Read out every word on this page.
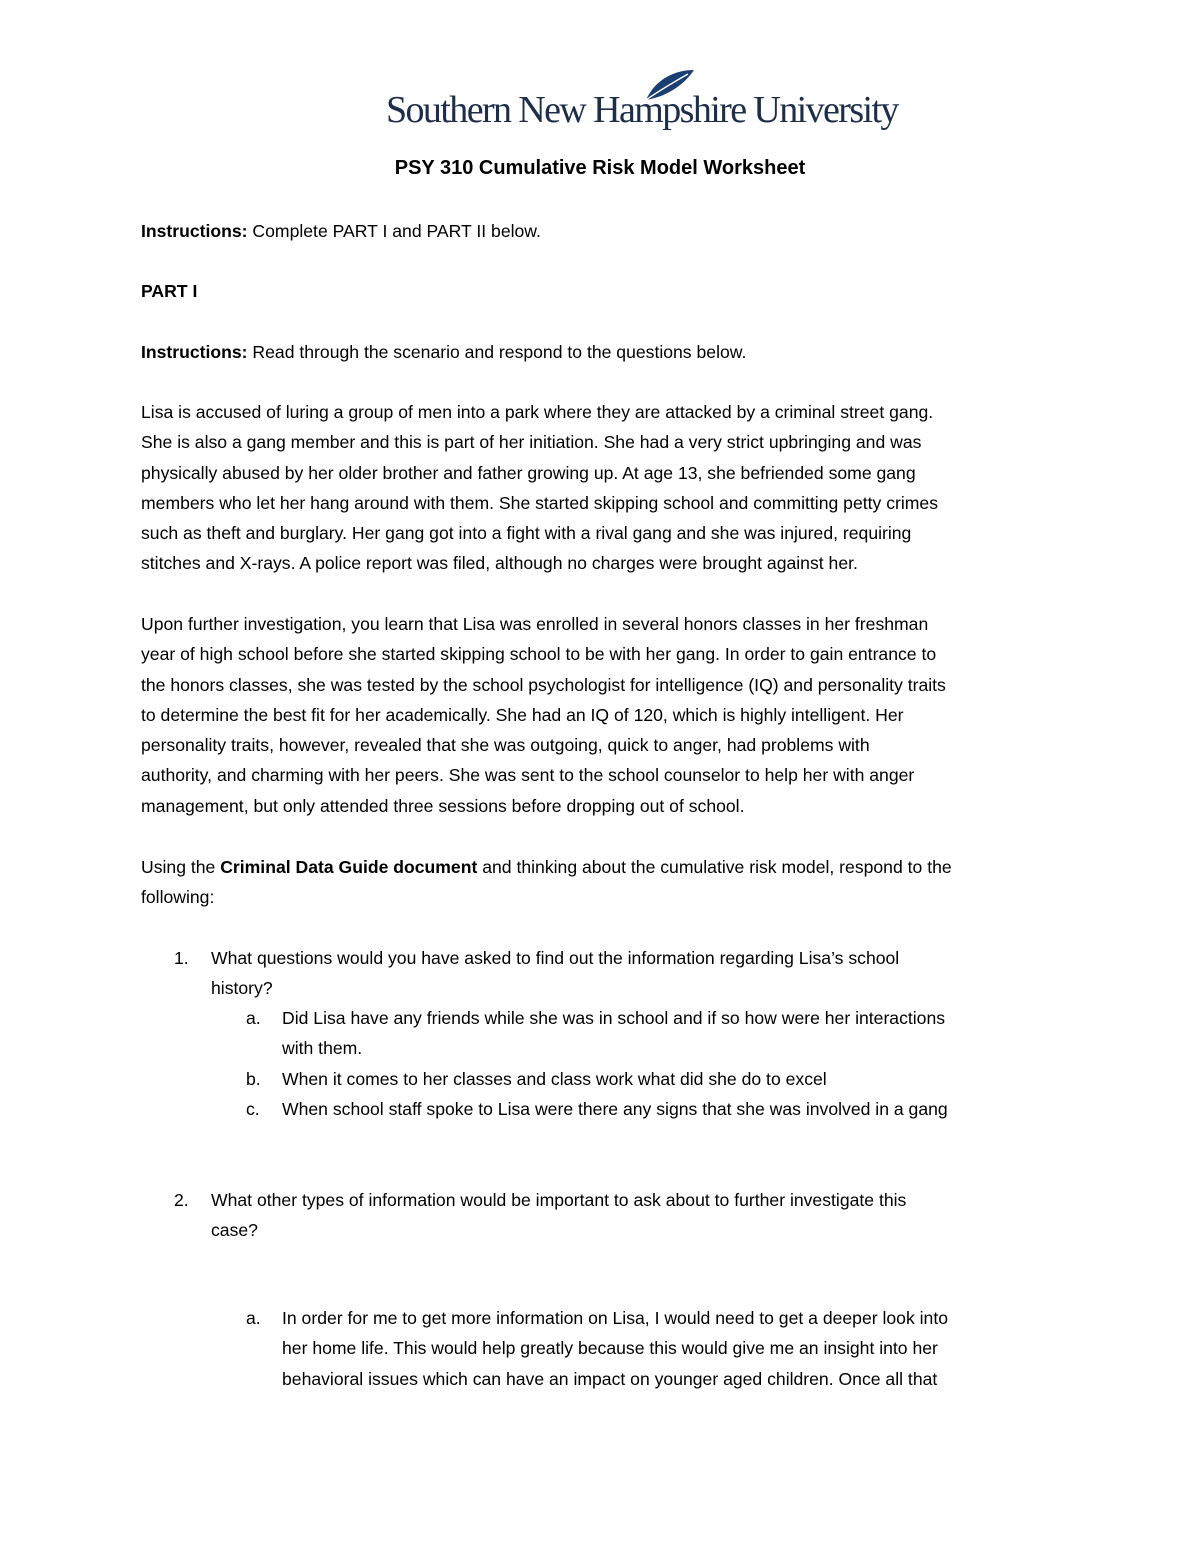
Southern New Hampshire University
PSY 310 Cumulative Risk Model Worksheet
Instructions: Complete PART I and PART II below.
PART I
Instructions: Read through the scenario and respond to the questions below.
Lisa is accused of luring a group of men into a park where they are attacked by a criminal street gang.
She is also a gang member and this is part of her initiation. She had a very strict upbringing and was
physically abused by her older brother and father growing up. At age 13, she befriended some gang
members who let her hang around with them. She started skipping school and committing petty crimes
such as theft and burglary. Her gang got into a fight with a rival gang and she was injured, requiring
stitches and X-rays. A police report was filed, although no charges were brought against her.
Upon further investigation, you learn that Lisa was enrolled in several honors classes in her freshman
year of high school before she started skipping school to be with her gang. In order to gain entrance to
the honors classes, she was tested by the school psychologist for intelligence (IQ) and personality traits
to determine the best fit for her academically. She had an IQ of 120, which is highly intelligent. Her
personality traits, however, revealed that she was outgoing, quick to anger, had problems with
authority, and charming with her peers. She was sent to the school counselor to help her with anger
management, but only attended three sessions before dropping out of school.
Using the Criminal Data Guide document and thinking about the cumulative risk model, respond to the
following:
1. What questions would you have asked to find out the information regarding Lisa’s school
history?
a. Did Lisa have any friends while she was in school and if so how were her interactions
with them.
b. When it comes to her classes and class work what did she do to excel
c. When school staff spoke to Lisa were there any signs that she was involved in a gang
2. What other types of information would be important to ask about to further investigate this
case?
a. In order for me to get more information on Lisa, I would need to get a deeper look into
her home life. This would help greatly because this would give me an insight into her
behavioral issues which can have an impact on younger aged children. Once all that
